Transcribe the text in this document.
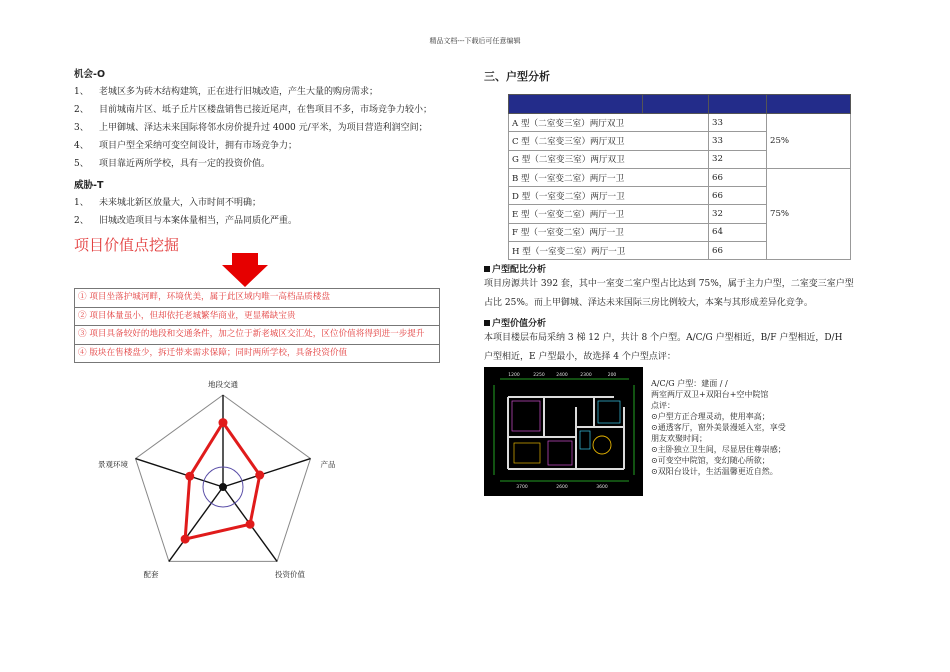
精品文档---下载后可任意编辑
机会-O
1、	老城区多为砖木结构建筑，正在进行旧城改造，产生大量的购房需求；
2、	目前城南片区、坻子丘片区楼盘销售已接近尾声，在售项目不多，市场竞争力较小；
3、	上甲御城、泽达未来国际将邻水房价提升过 4000 元/平米，为项目营造利润空间；
4、	项目户型全采纳可变空间设计，拥有市场竞争力；
5、	项目靠近两所学校，具有一定的投资价值。
威胁-T
1、	未来城北新区放量大，入市时间不明确；
2、	旧城改造项目与本案体量相当，产品同质化严重。
项目价值点挖掘
① 项目坐落护城河畔，环境优美，属于此区域内唯一高档品质楼盘
② 项目体量虽小，但却依托老城繁华商业，更显稀缺宝贵
③ 项目具备较好的地段和交通条件，加之位于新老城区交汇处，区位价值将得到进一步提升
④ 版块在售楼盘少，拆迁带来需求保障；同时两所学校，具备投资价值
地段交通
产品
投资价值
配套
景观环境
三、户型分析

A 型（二室变三室）两厅双卫		33	25%
C 型（二室变三室）两厅双卫		33	
G 型（二室变三室）两厅双卫		32	
B 型（一室变二室）两厅一卫		66	75%
D 型（一室变二室）两厅一卫		66	
E 型（一室变二室）两厅一卫		32	
F 型（一室变二室）两厅一卫		64	
H 型（一室变二室）两厅一卫		66	
户型配比分析
项目房源共计 392 套，其中一室变二室户型占比达到 75%，属于主力户型，二室变三室户型占比 25%。而上甲御城、泽达未来国际三房比例较大，本案与其形成差异化竞争。
户型价值分析
本项目楼层布局采纳 3 梯 12 户，共计 8 个户型。A/C/G 户型相近，B/F 户型相近，D/H 户型相近，E 户型最小，故选择 4 个户型点评：
1200	2250	2400	2300	200
3700	2600	3600
A/C/G 户型：建面 / /
两室两厅双卫+双阳台+空中院馆
点评：
⊙户型方正合理灵动，使用率高；
⊙通透客厅，窗外美景漫延入室，享受朋友欢聚时间；
⊙主卧独立卫生间，尽显居住尊崇感；
⊙可变空中院馆，变幻随心所欲；
⊙双阳台设计，生活温馨更近自然。
